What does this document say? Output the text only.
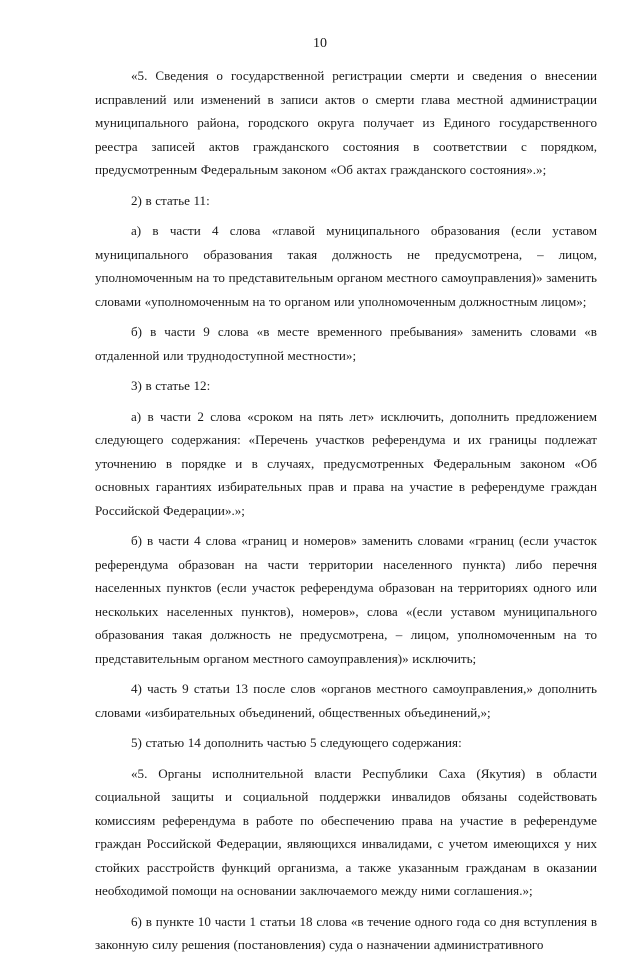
10

«5. Сведения о государственной регистрации смерти и сведения о внесении исправлений или изменений в записи актов о смерти глава местной администрации муниципального района, городского округа получает из Единого государственного реестра записей актов гражданского состояния в соответствии с порядком, предусмотренным Федеральным законом «Об актах гражданского состояния».»;

2) в статье 11:

а) в части 4 слова «главой муниципального образования (если уставом муниципального образования такая должность не предусмотрена, – лицом, уполномоченным на то представительным органом местного самоуправления)» заменить словами «уполномоченным на то органом или уполномоченным должностным лицом»;

б) в части 9 слова «в месте временного пребывания» заменить словами «в отдаленной или труднодоступной местности»;

3) в статье 12:

а) в части 2 слова «сроком на пять лет» исключить, дополнить предложением следующего содержания: «Перечень участков референдума и их границы подлежат уточнению в порядке и в случаях, предусмотренных Федеральным законом «Об основных гарантиях избирательных прав и права на участие в референдуме граждан Российской Федерации».»;

б) в части 4 слова «границ и номеров» заменить словами «границ (если участок референдума образован на части территории населенного пункта) либо перечня населенных пунктов (если участок референдума образован на территориях одного или нескольких населенных пунктов), номеров», слова «(если уставом муниципального образования такая должность не предусмотрена, – лицом, уполномоченным на то представительным органом местного самоуправления)» исключить;

4) часть 9 статьи 13 после слов «органов местного самоуправления,» дополнить словами «избирательных объединений, общественных объединений,»;

5) статью 14 дополнить частью 5 следующего содержания:

«5. Органы исполнительной власти Республики Саха (Якутия) в области социальной защиты и социальной поддержки инвалидов обязаны содействовать комиссиям референдума в работе по обеспечению права на участие в референдуме граждан Российской Федерации, являющихся инвалидами, с учетом имеющихся у них стойких расстройств функций организма, а также указанным гражданам в оказании необходимой помощи на основании заключаемого между ними соглашения.»;

6) в пункте 10 части 1 статьи 18 слова «в течение одного года со дня вступления в законную силу решения (постановления) суда о назначении административного
